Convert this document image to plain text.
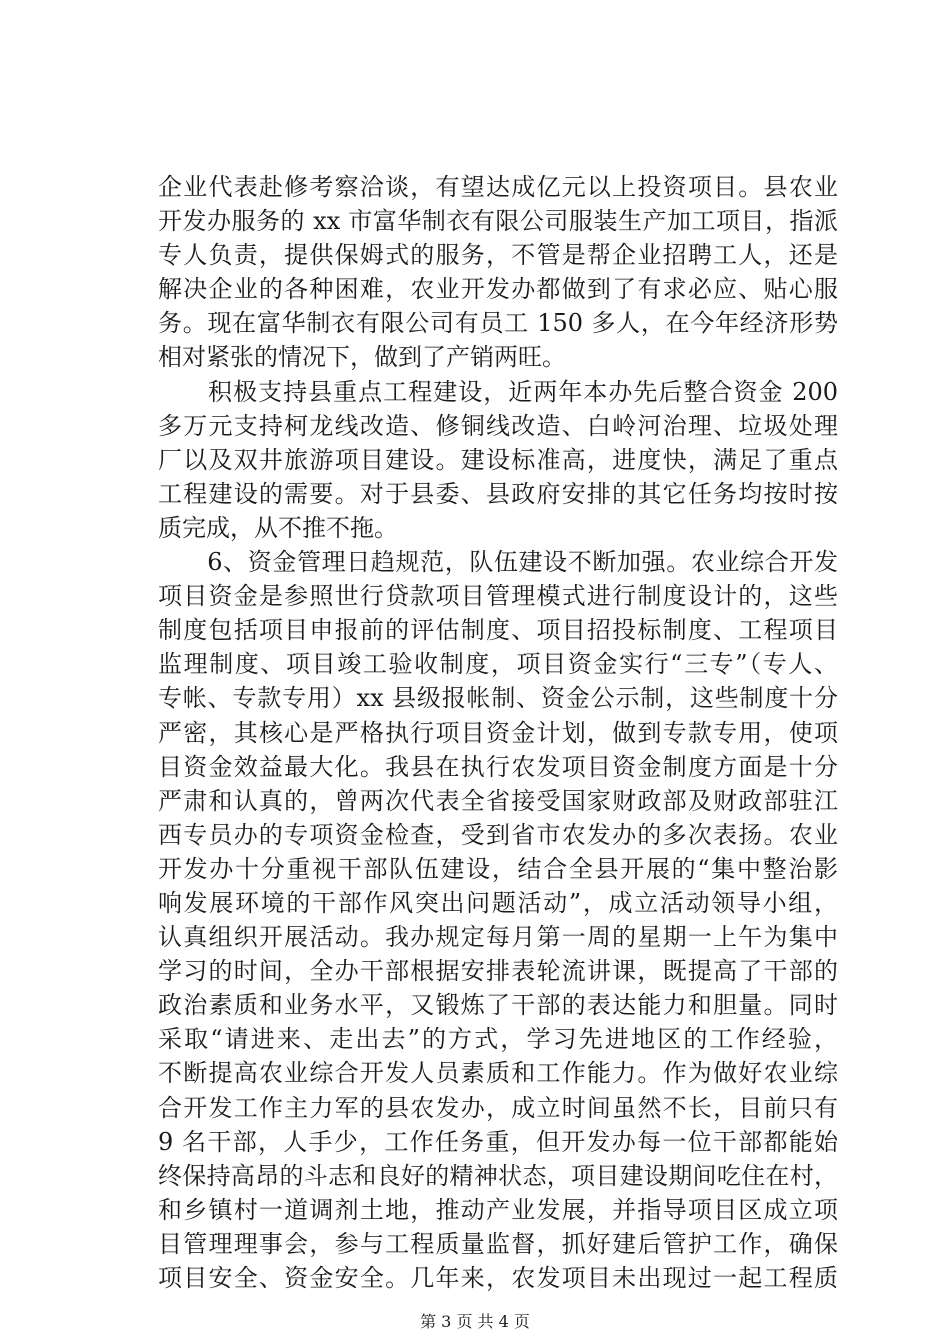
企业代表赴修考察洽谈，有望达成亿元以上投资项目。县农业
开发办服务的 xx 市富华制衣有限公司服装生产加工项目，指派
专人负责，提供保姆式的服务，不管是帮企业招聘工人，还是
解决企业的各种困难，农业开发办都做到了有求必应、贴心服
务。现在富华制衣有限公司有员工 150 多人，在今年经济形势
相对紧张的情况下，做到了产销两旺。
　　积极支持县重点工程建设，近两年本办先后整合资金 200
多万元支持柯龙线改造、修铜线改造、白岭河治理、垃圾处理
厂以及双井旅游项目建设。建设标准高，进度快，满足了重点
工程建设的需要。对于县委、县政府安排的其它任务均按时按
质完成，从不推不拖。
　　6、资金管理日趋规范，队伍建设不断加强。农业综合开发
项目资金是参照世行贷款项目管理模式进行制度设计的，这些
制度包括项目申报前的评估制度、项目招投标制度、工程项目
监理制度、项目竣工验收制度，项目资金实行“三专”（专人、
专帐、专款专用）xx 县级报帐制、资金公示制，这些制度十分
严密，其核心是严格执行项目资金计划，做到专款专用，使项
目资金效益最大化。我县在执行农发项目资金制度方面是十分
严肃和认真的，曾两次代表全省接受国家财政部及财政部驻江
西专员办的专项资金检查，受到省市农发办的多次表扬。农业
开发办十分重视干部队伍建设，结合全县开展的“集中整治影
响发展环境的干部作风突出问题活动”，成立活动领导小组，
认真组织开展活动。我办规定每月第一周的星期一上午为集中
学习的时间，全办干部根据安排表轮流讲课，既提高了干部的
政治素质和业务水平，又锻炼了干部的表达能力和胆量。同时
采取“请进来、走出去”的方式，学习先进地区的工作经验，
不断提高农业综合开发人员素质和工作能力。作为做好农业综
合开发工作主力军的县农发办，成立时间虽然不长，目前只有
9 名干部，人手少，工作任务重，但开发办每一位干部都能始
终保持高昂的斗志和良好的精神状态，项目建设期间吃住在村，
和乡镇村一道调剂土地，推动产业发展，并指导项目区成立项
目管理理事会，参与工程质量监督，抓好建后管护工作，确保
项目安全、资金安全。几年来，农发项目未出现过一起工程质
第 3 页 共 4 页
